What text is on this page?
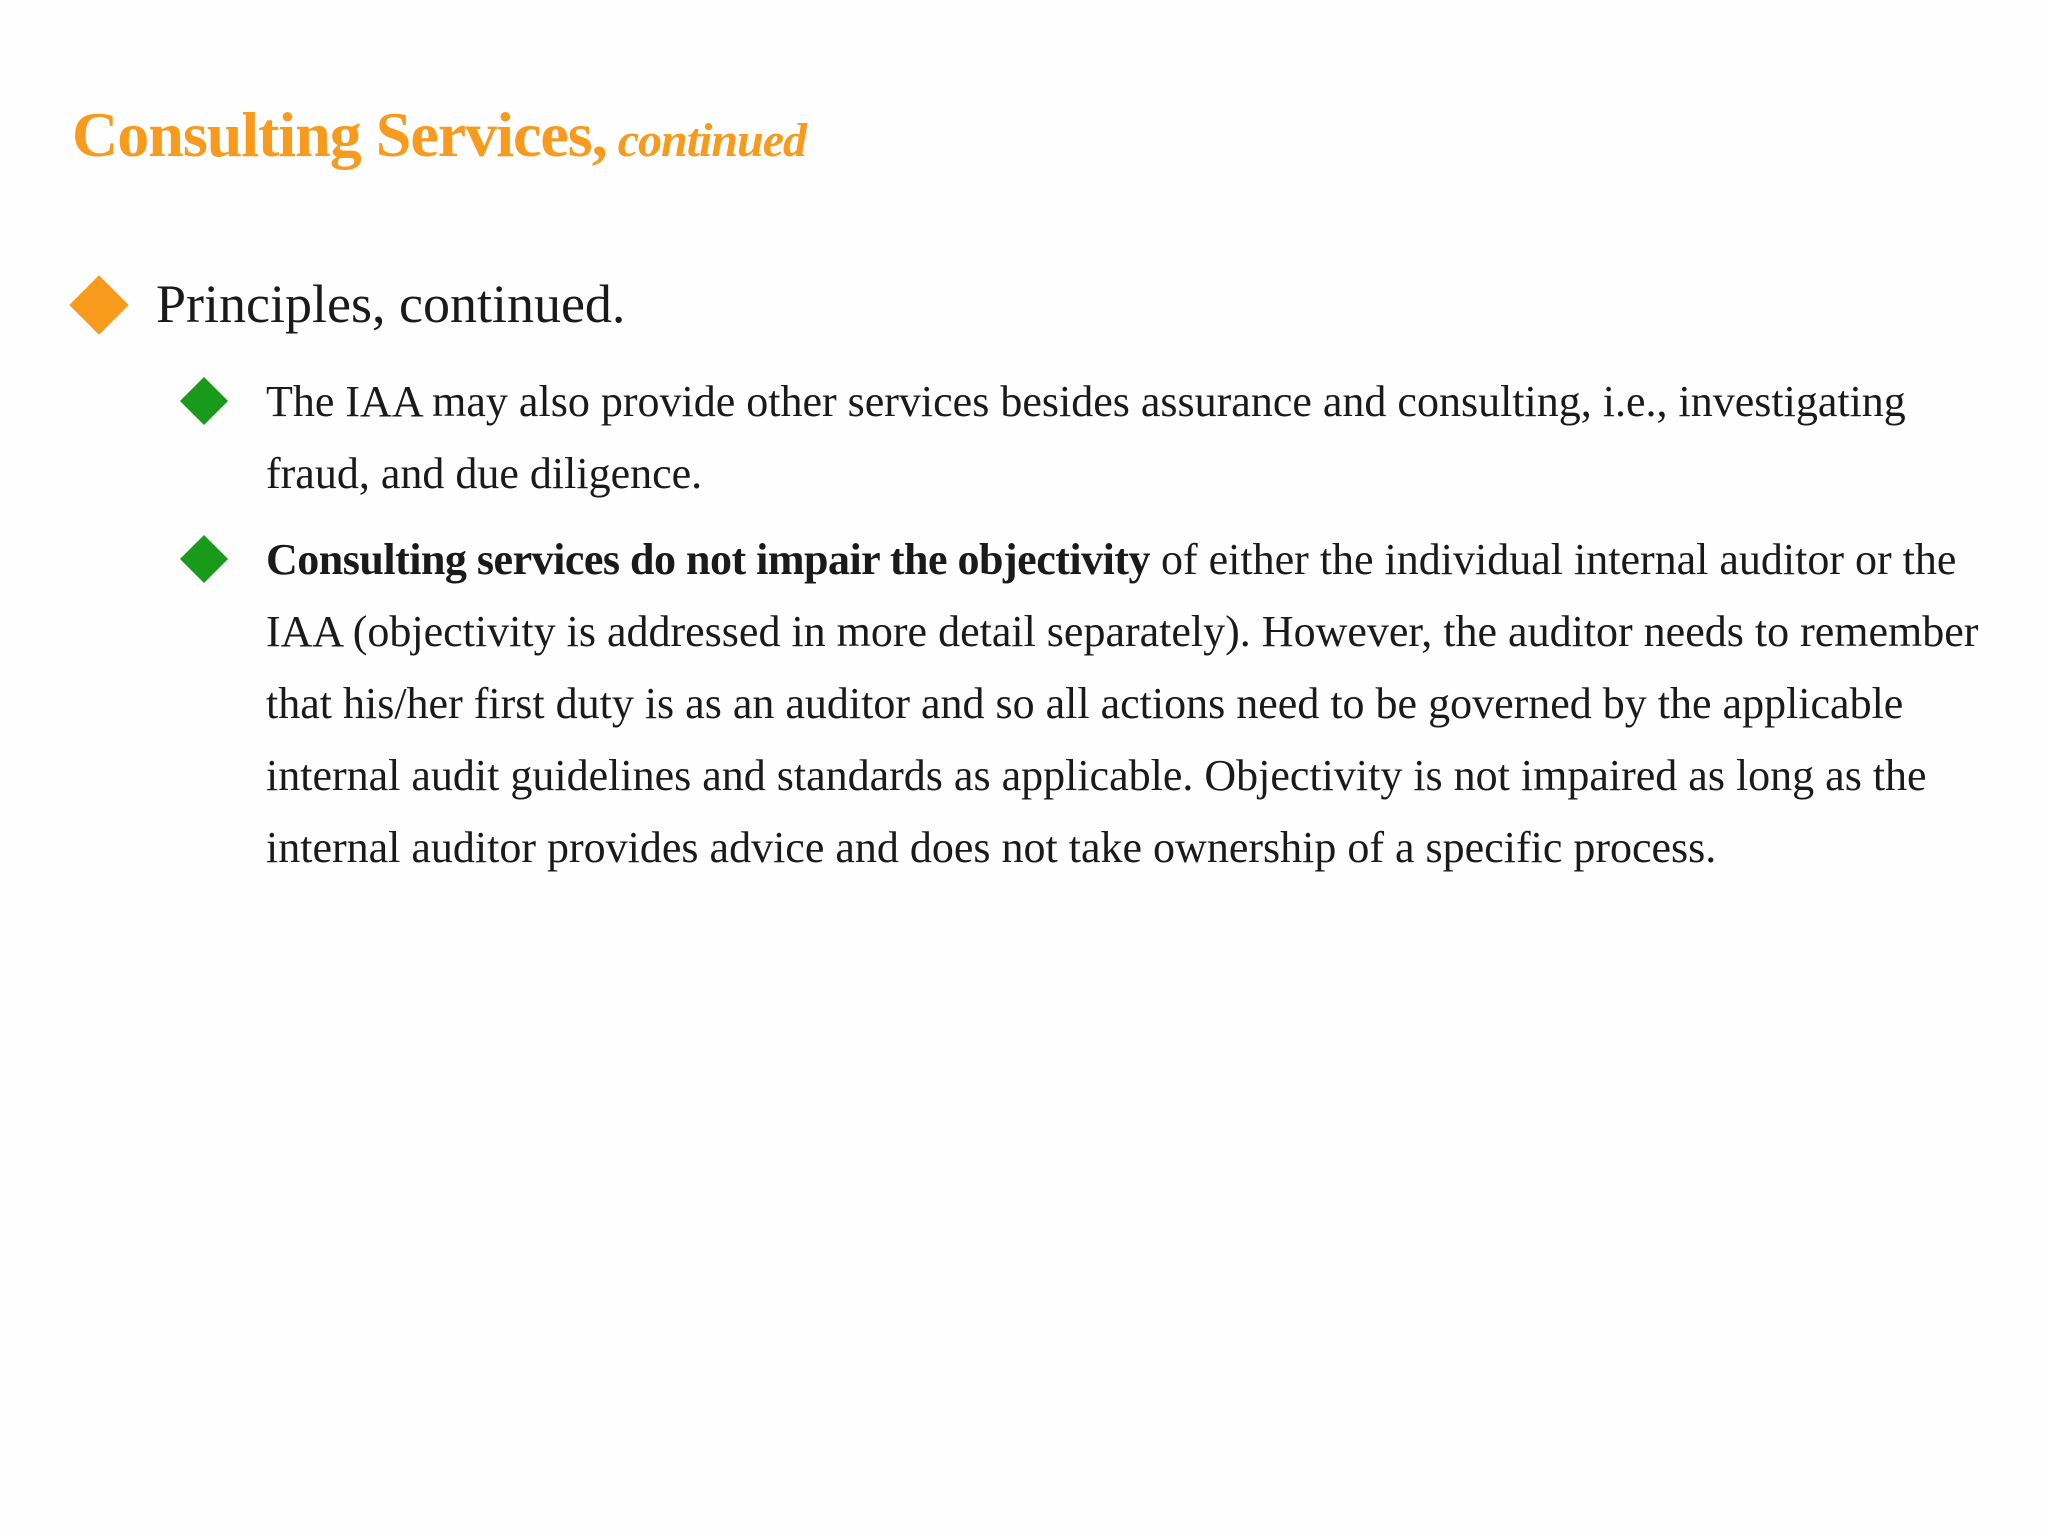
Consulting Services, continued
Principles, continued.
The IAA may also provide other services besides assurance and consulting, i.e., investigating fraud, and due diligence.
Consulting services do not impair the objectivity of either the individual internal auditor or the IAA (objectivity is addressed in more detail separately). However, the auditor needs to remember that his/her first duty is as an auditor and so all actions need to be governed by the applicable internal audit guidelines and standards as applicable. Objectivity is not impaired as long as the internal auditor provides advice and does not take ownership of a specific process.
